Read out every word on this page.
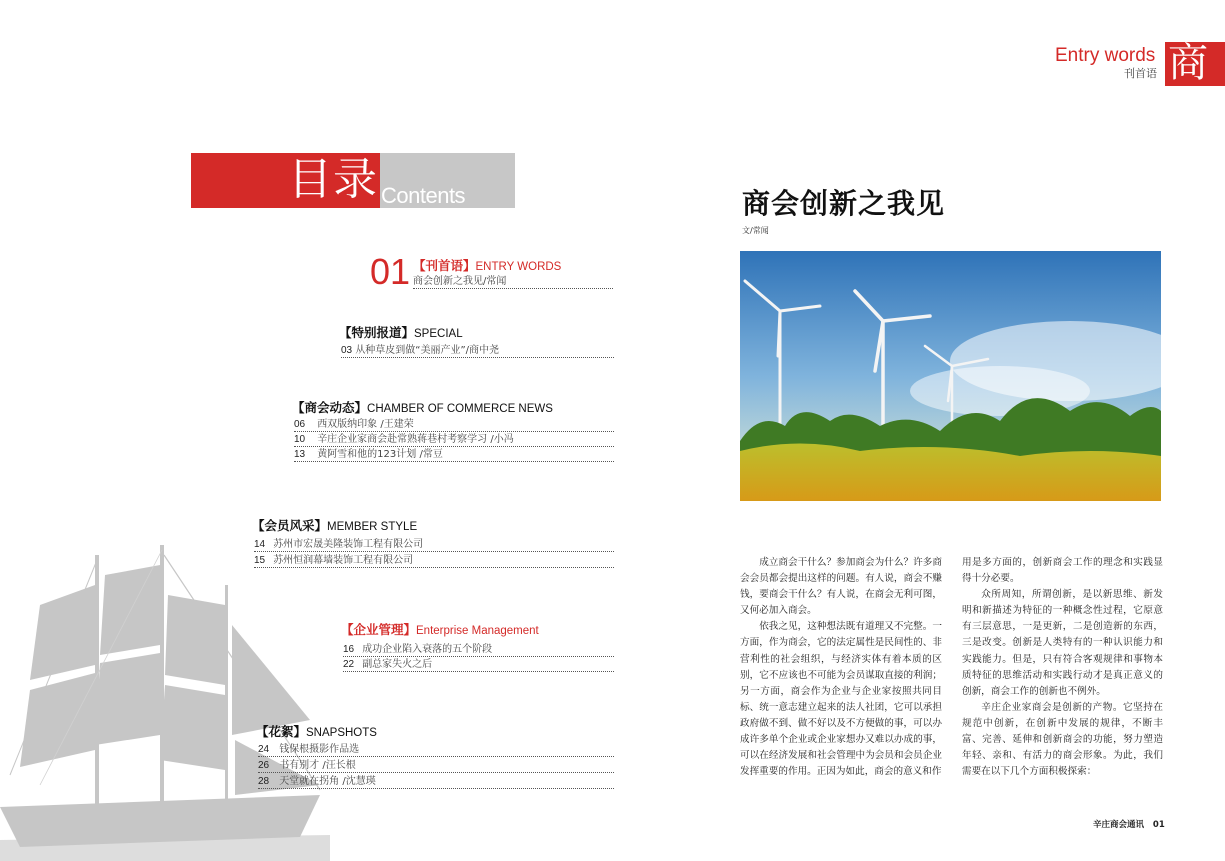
目录 Contents
01 【刊首语】ENTRY WORDS
商会创新之我见/常闻
【特别报道】SPECIAL
03 从种草皮到做“美丽产业”/商中尧
【商会动态】CHAMBER OF COMMERCE NEWS
06 西双版纳印象 /王建荣
10 辛庄企业家商会赴常熟蒋巷村考察学习 /小冯
13 黄阿雪和他的123计划 /常豆
【会员风采】MEMBER STYLE
14 苏州市宏晟美隆装饰工程有限公司
15 苏州恒润幕墙装饰工程有限公司
【企业管理】Enterprise Management
16 成功企业陷入衰落的五个阶段
22 副总家失火之后
【花絮】SNAPSHOTS
24 钱保根摄影作品选
26 书有别才 /汪长根
28 天堂就在拐角 /沈慧瑛
Entry words
刊首语 商
商会创新之我见
文/常闻

成立商会干什么？参加商会为什么？许多商会会员都会提出这样的问题。有人说，商会不赚钱，要商会干什么？有人说，在商会无利可图，又何必加入商会。

依我之见，这种想法既有道理又不完整。一方面，作为商会，它的法定属性是民间性的、非营利性的社会组织，与经济实体有着本质的区别，它不应该也不可能为会员谋取直接的利润；另一方面，商会作为企业与企业家按照共同目标、统一意志建立起来的法人社团，它可以承担政府做不到、做不好以及不方便做的事，可以办成许多单个企业或企业家想办又难以办成的事，可以在经济发展和社会管理中为会员和会员企业发挥重要的作用。正因为如此，商会的意义和作

用是多方面的，创新商会工作的理念和实践显得十分必要。

众所周知，所谓创新，是以新思维、新发明和新描述为特征的一种概念性过程，它原意有三层意思，一是更新，二是创造新的东西，三是改变。创新是人类特有的一种认识能力和实践能力。但是，只有符合客观规律和事物本质特征的思维活动和实践行动才是真正意义的创新，商会工作的创新也不例外。

辛庄企业家商会是创新的产物。它坚持在规范中创新，在创新中发展的规律，不断丰富、完善、延伸和创新商会的功能，努力塑造年轻、亲和、有活力的商会形象。为此，我们需要在以下几个方面积极探索：

辛庄商会通讯 01
